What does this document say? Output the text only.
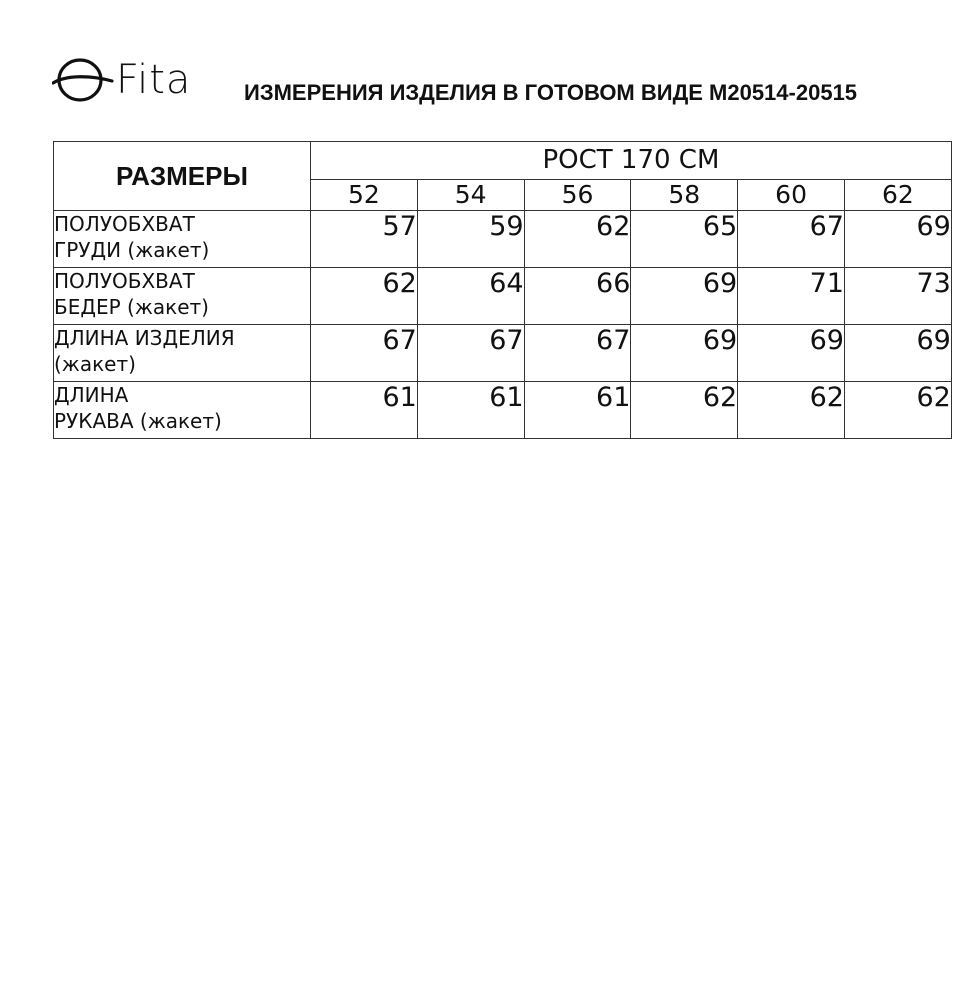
Fita ИЗМЕРЕНИЯ ИЗДЕЛИЯ В ГОТОВОМ ВИДЕ М20514-20515
РАЗМЕРЫ	РОСТ 170 СМ					
	52	54	56	58	60	62

ПОЛУОБХВАТ
ГРУДИ (жакет)	57	59	62	65	67	69

ПОЛУОБХВАТ
БЕДЕР (жакет)	62	64	66	69	71	73

ДЛИНА ИЗДЕЛИЯ
(жакет)	67	67	67	69	69	69

ДЛИНА
РУКАВА (жакет)	61	61	61	62	62	62
